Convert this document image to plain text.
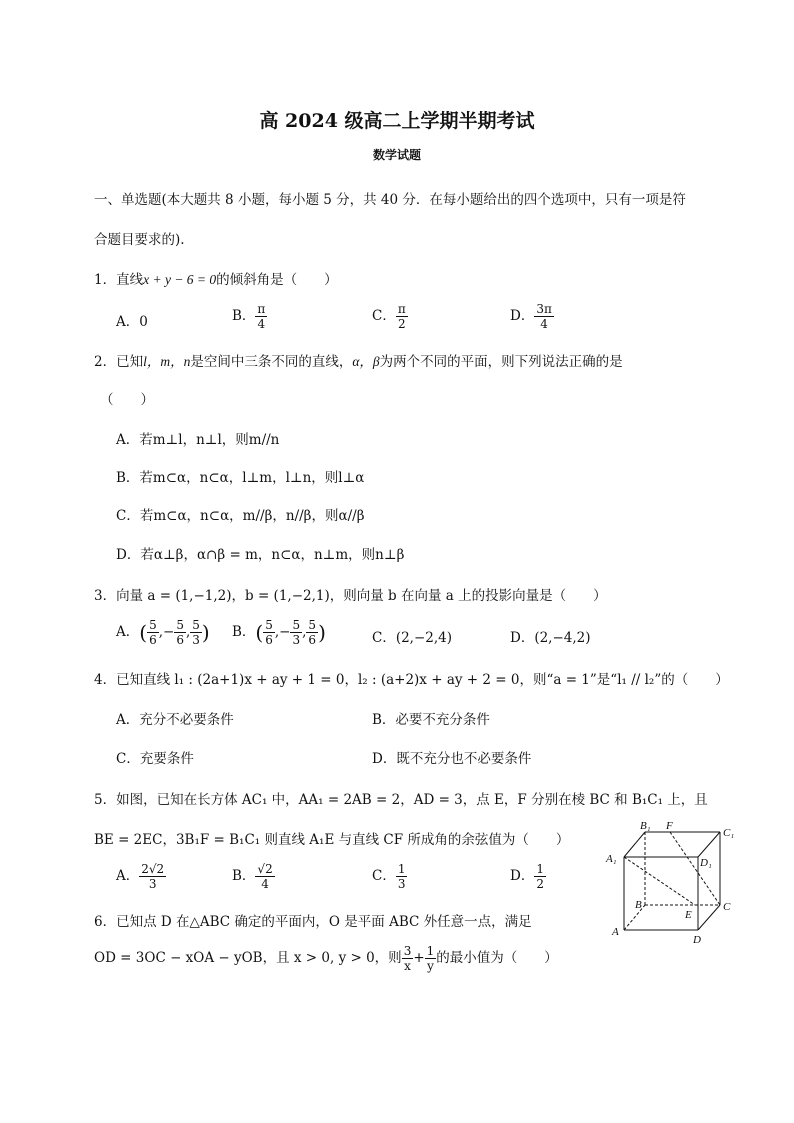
高 2024 级高二上学期半期考试
数学试题
一、单选题(本大题共 8 小题，每小题 5 分，共 40 分．在每小题给出的四个选项中，只有一项是符
合题目要求的).
1．直线x + y − 6 = 0的倾斜角是（　　）
A．0	B． $\frac{\pi}{4}$	C． $\frac{\pi}{2}$	D． $\frac{3\pi}{4}$
2．已知l，m，n是空间中三条不同的直线，α，β为两个不同的平面，则下列说法正确的是
（　　）
A．若m⊥l，n⊥l，则m//n
B．若m⊂α，n⊂α，l⊥m，l⊥n，则l⊥α
C．若m⊂α，n⊂α，m//β，n//β，则α//β
D．若α⊥β，α∩β = m，n⊂α，n⊥m，则n⊥β
3．向量 a = (1,−1,2)，b = (1,−2,1)，则向量 b 在向量 a 上的投影向量是（　　）
A．( $\frac{5}{6}$ ,− $\frac{5}{6}$ , $\frac{5}{3}$ ) B．( $\frac{5}{6}$ ,− $\frac{5}{3}$ , $\frac{5}{6}$ )	C．(2,−2,4)	D．(2,−4,2)
4．已知直线 l₁ : (2a+1)x + ay + 1 = 0，l₂ : (a+2)x + ay + 2 = 0，则“a = 1”是“l₁ // l₂”的（　　）
A．充分不必要条件	B．必要不充分条件
C．充要条件	D．既不充分也不必要条件
5．如图，已知在长方体 AC₁ 中，AA₁ = 2AB = 2，AD = 3，点 E，F 分别在棱 BC 和 B₁C₁ 上，且
BE = 2EC，3B₁F = B₁C₁ 则直线 A₁E 与直线 CF 所成角的余弦值为（　　）
A． $\frac{2√2}{3}$	B． $\frac{√2}{4}$	C． $\frac{1}{3}$	D． $\frac{1}{2}$
B₁ F
C₁
A₁	D₁
B
E
C
A
D
6．已知点 D 在△ABC 确定的平面内，O 是平面 ABC 外任意一点，满足
OD = 3OC − xOA − yOB，且 x > 0, y > 0，则 $\frac{3}{x} + \frac{1}{y}$ 的最小值为（　　）
